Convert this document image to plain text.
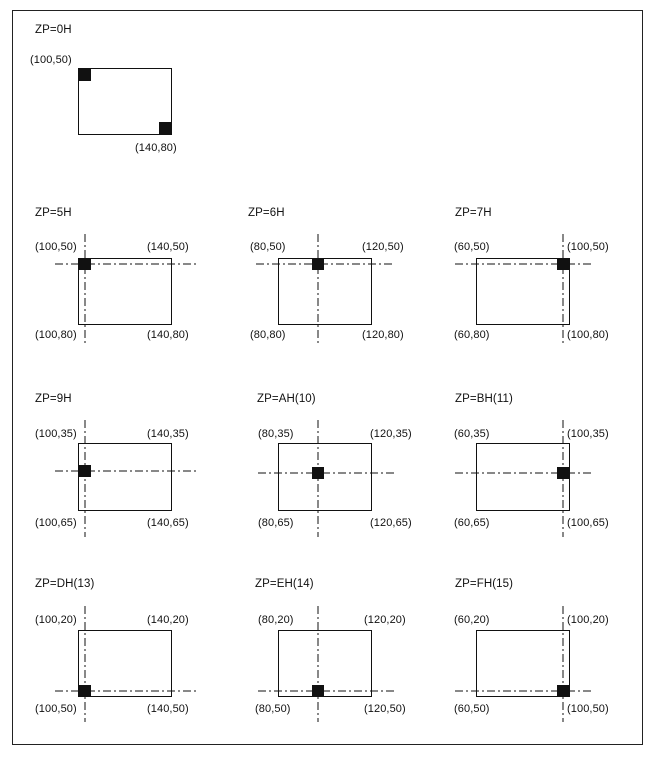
ZP=0H
(100,50)
(140,80)
ZP=5H
(100,50)	(140,50)
(100,80)	(140,80)
ZP=6H
(80,50)	(120,50)
(80,80)	(120,80)
ZP=7H
(60,50)	(100,50)
(60,80)	(100,80)
ZP=9H
(100,35)	(140,35)
(100,65)	(140,65)
ZP=AH(10)
(80,35)	(120,35)
(80,65)	(120,65)
ZP=BH(11)
(60,35)	(100,35)
(60,65)	(100,65)
ZP=DH(13)
(100,20)	(140,20)
(100,50)	(140,50)
ZP=EH(14)
(80,20)	(120,20)
(80,50)	(120,50)
ZP=FH(15)
(60,20)	(100,20)
(60,50)	(100,50)
